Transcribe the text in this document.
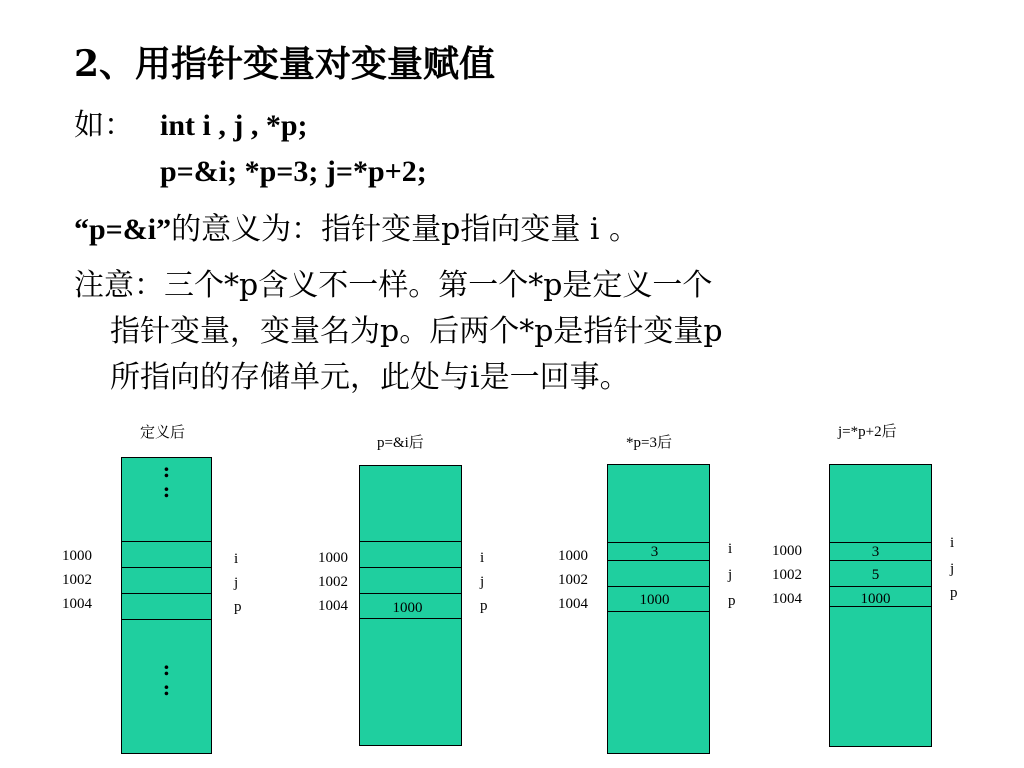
2、用指针变量对变量赋值
如： int i , j , *p;
p=&i; *p=3; j=*p+2;
“p=&i”的意义为：指针变量p指向变量 i 。
注意：三个*p含义不一样。第一个*p是定义一个
指针变量，变量名为p。后两个*p是指针变量p
所指向的存储单元，此处与i是一回事。
定义后
:
:
:
:
1000
1002
1004
i
j
p
p=&i后
1000
1000
1002
1004
i
j
p
*p=3后
3
1000
1000
1002
1004
i
j
p
j=*p+2后
3
5
1000
1000
1002
1004
i
j
p
